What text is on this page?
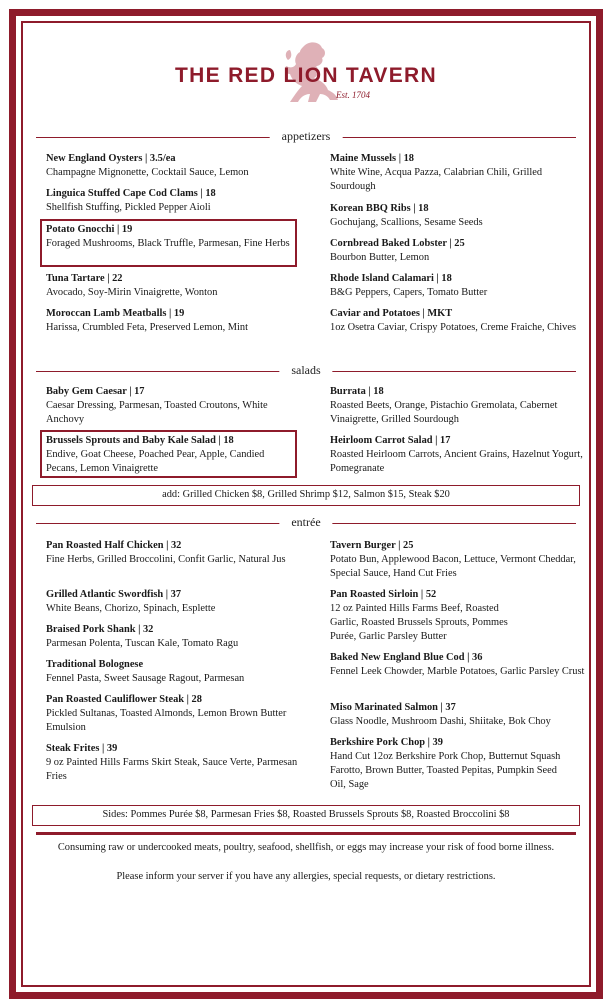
THE RED LION TAVERN
Est. 1704
appetizers

New England Oysters | 3.5/ea

Champagne Mignonette, Cocktail Sauce, Lemon

Linguica Stuffed Cape Cod Clams | 18

Shellfish Stuffing, Pickled Pepper Aioli

Potato Gnocchi | 19

Foraged Mushrooms, Black Truffle, Parmesan, Fine Herbs

Tuna Tartare | 22

Avocado, Soy-Mirin Vinaigrette, Wonton

Moroccan Lamb Meatballs | 19

Harissa, Crumbled Feta, Preserved Lemon, Mint

Maine Mussels | 18

White Wine, Acqua Pazza, Calabrian Chili, Grilled Sourdough

Korean BBQ Ribs | 18

Gochujang, Scallions, Sesame Seeds

Cornbread Baked Lobster | 25

Bourbon Butter, Lemon

Rhode Island Calamari | 18

B&G Peppers, Capers, Tomato Butter

Caviar and Potatoes | MKT

1oz Osetra Caviar, Crispy Potatoes, Creme Fraiche, Chives

salads

Baby Gem Caesar | 17

Caesar Dressing, Parmesan, Toasted Croutons, White Anchovy

Brussels Sprouts and Baby Kale Salad | 18

Endive, Goat Cheese, Poached Pear, Apple, Candied Pecans, Lemon Vinaigrette

Burrata | 18

Roasted Beets, Orange, Pistachio Gremolata, Cabernet Vinaigrette, Grilled Sourdough

Heirloom Carrot Salad | 17

Roasted Heirloom Carrots, Ancient Grains, Hazelnut Yogurt, Pomegranate

add: Grilled Chicken $8, Grilled Shrimp $12, Salmon $15, Steak $20
entrée

Pan Roasted Half Chicken | 32

Fine Herbs, Grilled Broccolini, Confit Garlic, Natural Jus

Grilled Atlantic Swordfish | 37

White Beans, Chorizo, Spinach, Esplette

Braised Pork Shank | 32

Parmesan Polenta, Tuscan Kale, Tomato Ragu

Traditional Bolognese

Fennel Pasta, Sweet Sausage Ragout, Parmesan

Pan Roasted Cauliflower Steak | 28

Pickled Sultanas, Toasted Almonds, Lemon Brown Butter Emulsion

Steak Frites | 39

9 oz Painted Hills Farms Skirt Steak, Sauce Verte, Parmesan Fries

Tavern Burger | 25

Potato Bun, Applewood Bacon, Lettuce, Vermont Cheddar, Special Sauce, Hand Cut Fries

Pan Roasted Sirloin | 52

12 oz Painted Hills Farms Beef, Roasted Garlic, Roasted Brussels Sprouts, Pommes Purée, Garlic Parsley Butter

Baked New England Blue Cod | 36

Fennel Leek Chowder, Marble Potatoes, Garlic Parsley Crust

Miso Marinated Salmon | 37

Glass Noodle, Mushroom Dashi, Shiitake, Bok Choy

Berkshire Pork Chop | 39

Hand Cut 12oz Berkshire Pork Chop, Butternut Squash Farotto, Brown Butter, Toasted Pepitas, Pumpkin Seed Oil, Sage

Sides: Pommes Purée $8, Parmesan Fries $8, Roasted Brussels Sprouts $8, Roasted Broccolini $8
Consuming raw or undercooked meats, poultry, seafood, shellfish, or eggs may increase your risk of food borne illness.
Please inform your server if you have any allergies, special requests, or dietary restrictions.
